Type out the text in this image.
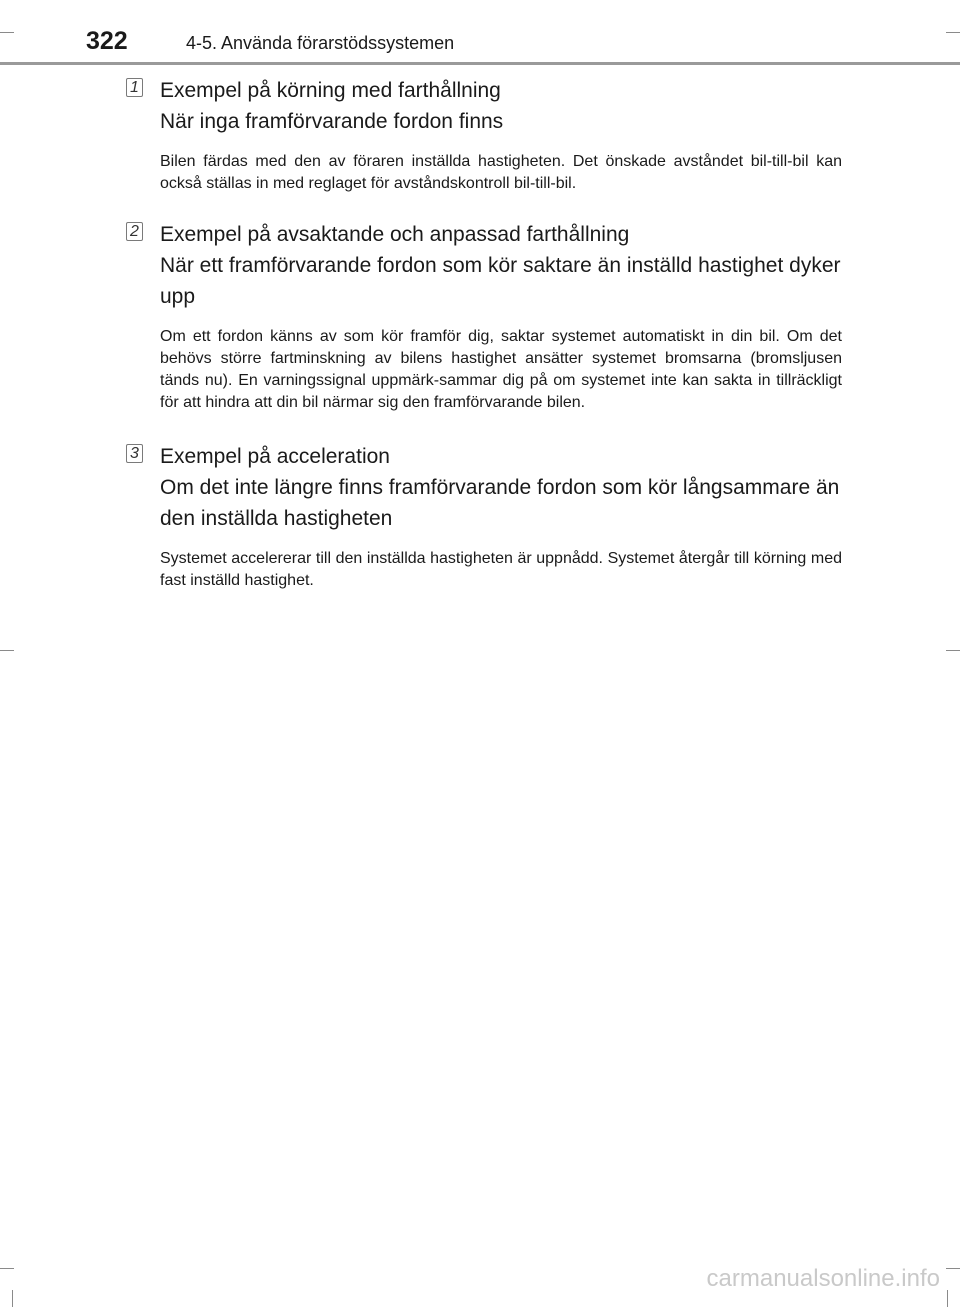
322	4-5. Använda förarstödssystemen
1 Exempel på körning med farthållning
När inga framförvarande fordon finns

Bilen färdas med den av föraren inställda hastigheten. Det önskade avståndet bil-till-bil kan också ställas in med reglaget för avståndskontroll bil-till-bil.

2 Exempel på avsaktande och anpassad farthållning
När ett framförvarande fordon som kör saktare än inställd hastighet dyker upp

Om ett fordon känns av som kör framför dig, saktar systemet automatiskt in din bil. Om det behövs större fartminskning av bilens hastighet ansätter systemet bromsarna (bromsljusen tänds nu). En varningssignal uppmärk-sammar dig på om systemet inte kan sakta in tillräckligt för att hindra att din bil närmar sig den framförvarande bilen.

3 Exempel på acceleration
Om det inte längre finns framförvarande fordon som kör långsammare än den inställda hastigheten

Systemet accelererar till den inställda hastigheten är uppnådd. Systemet återgår till körning med fast inställd hastighet.

carmanualsonline.info
